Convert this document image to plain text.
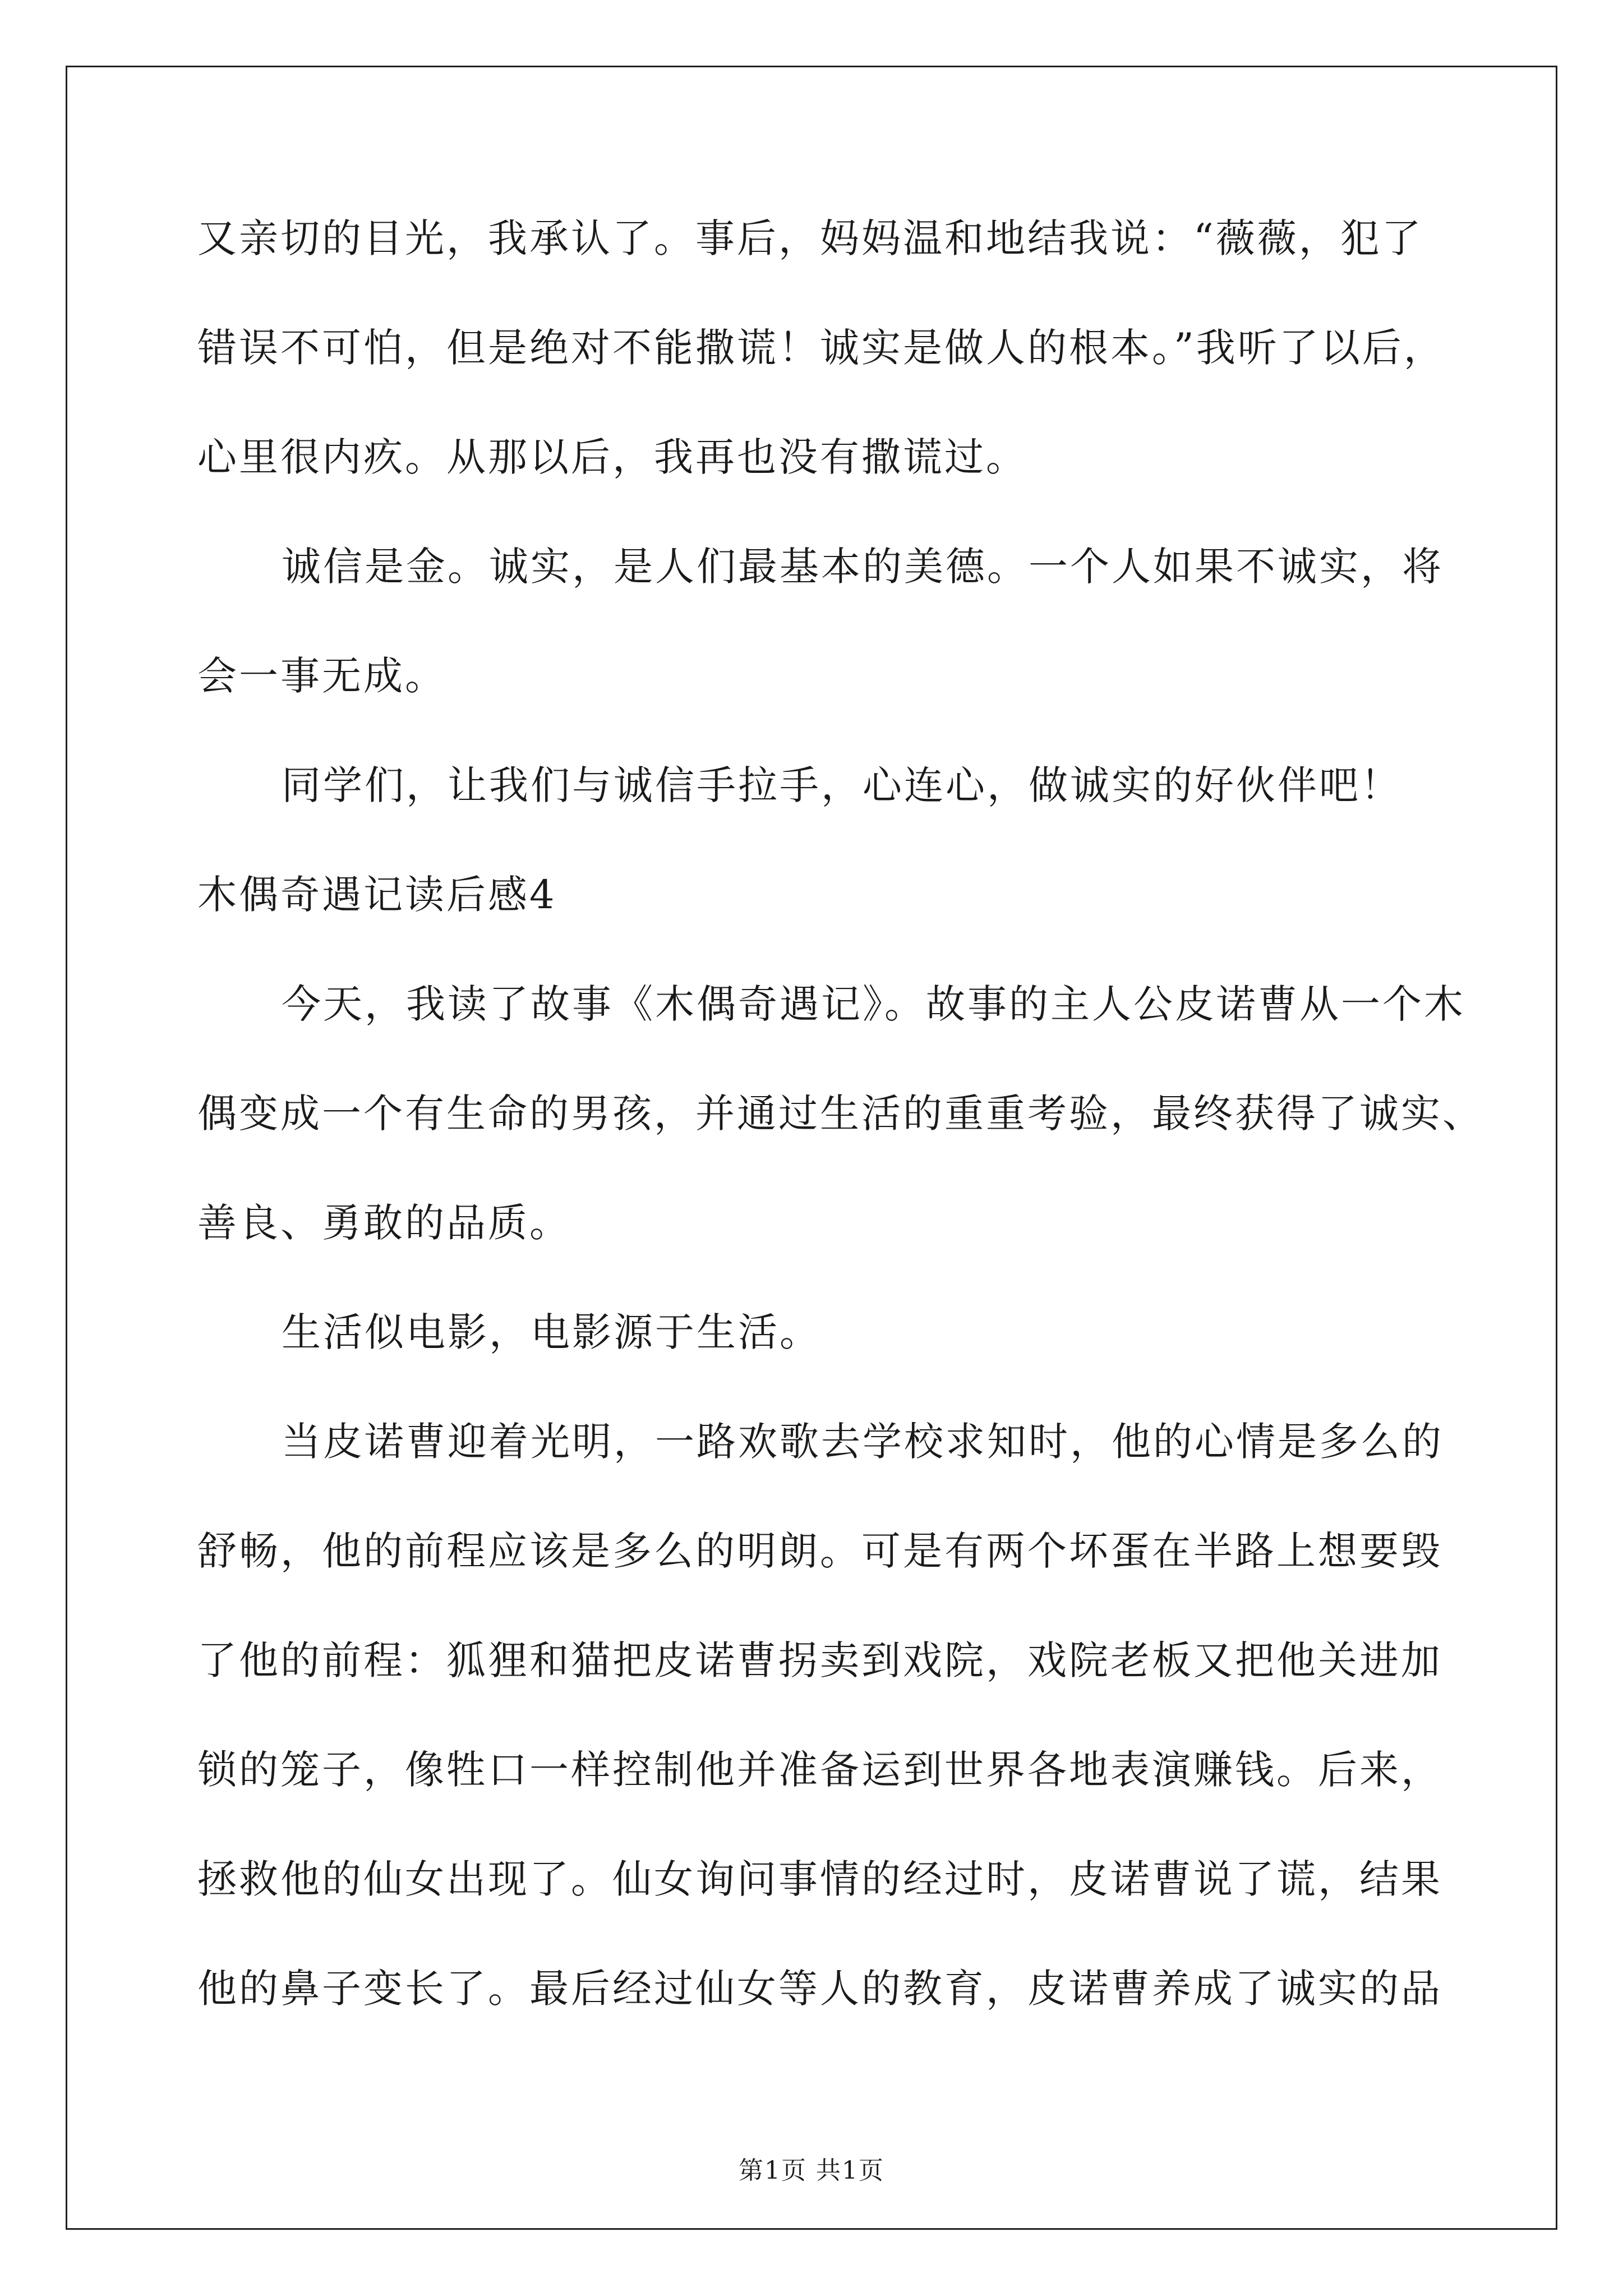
又亲切的目光，我承认了。事后，妈妈温和地结我说：“薇薇，犯了
错误不可怕，但是绝对不能撒谎！诚实是做人的根本。”我听了以后，
心里很内疚。从那以后，我再也没有撒谎过。
诚信是金。诚实，是人们最基本的美德。一个人如果不诚实，将
会一事无成。
同学们，让我们与诚信手拉手，心连心，做诚实的好伙伴吧！
木偶奇遇记读后感4
今天，我读了故事《木偶奇遇记》。故事的主人公皮诺曹从一个木
偶变成一个有生命的男孩，并通过生活的重重考验，最终获得了诚实、
善良、勇敢的品质。
生活似电影，电影源于生活。
当皮诺曹迎着光明，一路欢歌去学校求知时，他的心情是多么的
舒畅，他的前程应该是多么的明朗。可是有两个坏蛋在半路上想要毁
了他的前程：狐狸和猫把皮诺曹拐卖到戏院，戏院老板又把他关进加
锁的笼子，像牲口一样控制他并准备运到世界各地表演赚钱。后来，
拯救他的仙女出现了。仙女询问事情的经过时，皮诺曹说了谎，结果
他的鼻子变长了。最后经过仙女等人的教育，皮诺曹养成了诚实的品
第1页 共1页
